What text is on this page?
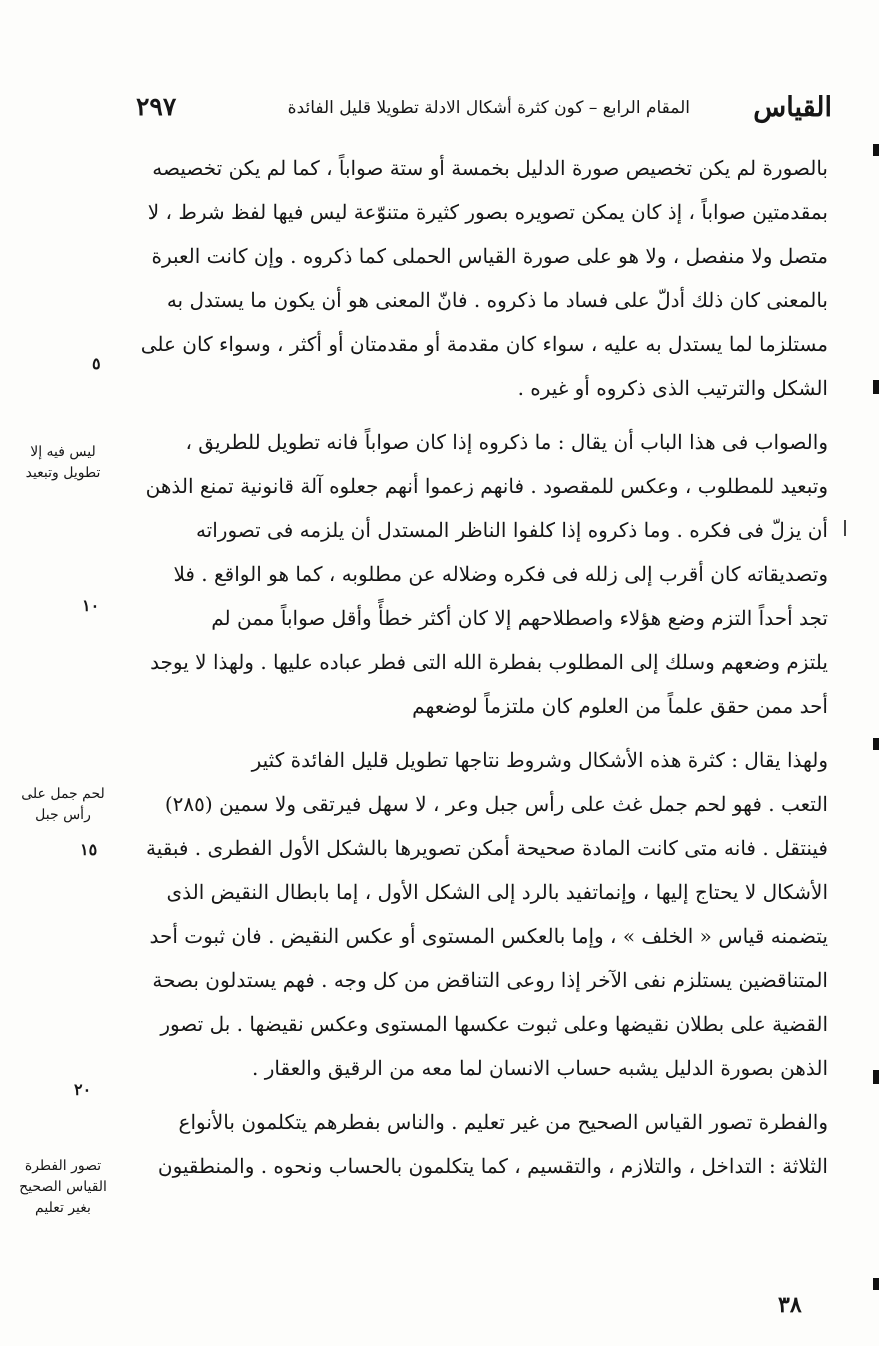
القياس
المقام الرابع – كون كثرة أشكال الادلة تطويلا قليل الفائدة
٢٩٧
بالصورة لم يكن تخصيص صورة الدليل بخمسة أو ستة صواباً ، كما لم يكن تخصيصه
بمقدمتين صواباً ، إذ كان يمكن تصويره بصور كثيرة متنوّعة ليس فيها لفظ شرط ، لا
متصل ولا منفصل ، ولا هو على صورة القياس الحملى كما ذكروه . وإن كانت العبرة
بالمعنى كان ذلك أدلّ على فساد ما ذكروه . فانّ المعنى هو أن يكون ما يستدل به
مستلزما لما يستدل به عليه ، سواء كان مقدمة أو مقدمتان أو أكثر ، وسواء كان على
الشكل والترتيب الذى ذكروه أو غيره .
والصواب فى هذا الباب أن يقال : ما ذكروه إذا كان صواباً فانه تطويل للطريق ،
وتبعيد للمطلوب ، وعكس للمقصود . فانهم زعموا أنهم جعلوه آلة قانونية تمنع الذهن
أن يزلّ فى فكره . وما ذكروه إذا كلفوا الناظر المستدل أن يلزمه فى تصوراته
وتصديقاته كان أقرب إلى زلله فى فكره وضلاله عن مطلوبه ، كما هو الواقع . فلا
تجد أحداً التزم وضع هؤلاء واصطلاحهم إلا كان أكثر خطأً وأقل صواباً ممن لم
يلتزم وضعهم وسلك إلى المطلوب بفطرة الله التى فطر عباده عليها . ولهذا لا يوجد
أحد ممن حقق علماً من العلوم كان ملتزماً لوضعهم
ولهذا يقال : كثرة هذه الأشكال وشروط نتاجها تطويل قليل الفائدة كثير
التعب . فهو لحم جمل غث على رأس جبل وعر ، لا سهل فيرتقى ولا سمين (٢٨٥)
فينتقل . فانه متى كانت المادة صحيحة أمكن تصويرها بالشكل الأول الفطرى . فبقية
الأشكال لا يحتاج إليها ، وإنماتفيد بالرد إلى الشكل الأول ، إما بابطال النقيض الذى
يتضمنه قياس « الخلف » ، وإما بالعكس المستوى أو عكس النقيض . فان ثبوت أحد
المتناقضين يستلزم نفى الآخر إذا روعى التناقض من كل وجه . فهم يستدلون بصحة
القضية على بطلان نقيضها وعلى ثبوت عكسها المستوى وعكس نقيضها . بل تصور
الذهن بصورة الدليل يشبه حساب الانسان لما معه من الرقيق والعقار .
والفطرة تصور القياس الصحيح من غير تعليم . والناس بفطرهم يتكلمون بالأنواع
الثلاثة : التداخل ، والتلازم ، والتقسيم ، كما يتكلمون بالحساب ونحوه . والمنطقيون
ليس فيه إلا تطويل وتبعيد
لحم جمل على رأس جبل
تصور الفطرة القياس الصحيح بغير تعليم
٥
١٠
١٥
٢٠
٣٨
